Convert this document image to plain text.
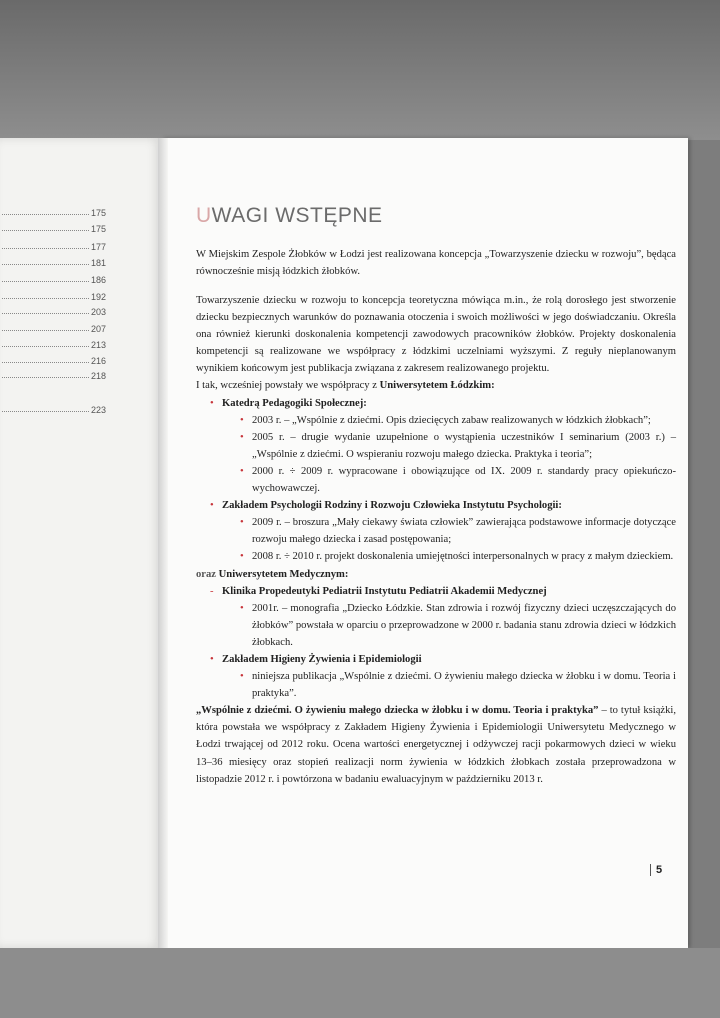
175
175
177
181
186
192
203
207
213
216
218
223
UWAGI WSTĘPNE

W Miejskim Zespole Żłobków w Łodzi jest realizowana koncepcja „Towarzyszenie dziecku w rozwoju”, będąca równocześnie misją łódzkich żłobków.

Towarzyszenie dziecku w rozwoju to koncepcja teoretyczna mówiąca m.in., że rolą dorosłego jest stworzenie dziecku bezpiecznych warunków do poznawania otoczenia i swoich możliwości w jego doświadczaniu. Określa ona również kierunki doskonalenia kompetencji zawodowych pracowników żłobków. Projekty doskonalenia kompetencji są realizowane we współpracy z łódzkimi uczelniami wyższymi. Z reguły nieplanowanym wynikiem końcowym jest publikacja związana z zakresem realizowanego projektu.

I tak, wcześniej powstały we współpracy z Uniwersytetem Łódzkim:

• Katedrą Pedagogiki Społecznej:
• 2003 r. – „Wspólnie z dziećmi. Opis dziecięcych zabaw realizowanych w łódzkich żłobkach”;
• 2005 r. – drugie wydanie uzupełnione o wystąpienia uczestników I seminarium (2003 r.) – „Wspólnie z dziećmi. O wspieraniu rozwoju małego dziecka. Praktyka i teoria”;
• 2000 r. ÷ 2009 r. wypracowane i obowiązujące od IX. 2009 r. standardy pracy opiekuńczo-wychowawczej.
• Zakładem Psychologii Rodziny i Rozwoju Człowieka Instytutu Psychologii:
• 2009 r. – broszura „Mały ciekawy świata człowiek” zawierająca podstawowe informacje dotyczące rozwoju małego dziecka i zasad postępowania;
• 2008 r. ÷ 2010 r. projekt doskonalenia umiejętności interpersonalnych w pracy z małym dzieckiem.

oraz Uniwersytetem Medycznym:

- Klinika Propedeutyki Pediatrii Instytutu Pediatrii Akademii Medycznej
• 2001r. – monografia „Dziecko Łódzkie. Stan zdrowia i rozwój fizyczny dzieci uczęszczających do żłobków” powstała w oparciu o przeprowadzone w 2000 r. badania stanu zdrowia dzieci w łódzkich żłobkach.
• Zakładem Higieny Żywienia i Epidemiologii
• niniejsza publikacja „Wspólnie z dziećmi. O żywieniu małego dziecka w żłobku i w domu. Teoria i praktyka”.

„Wspólnie z dziećmi. O żywieniu małego dziecka w żłobku i w domu. Teoria i praktyka” – to tytuł książki, która powstała we współpracy z Zakładem Higieny Żywienia i Epidemiologii Uniwersytetu Medycznego w Łodzi trwającej od 2012 roku. Ocena wartości energetycznej i odżywczej racji pokarmowych dzieci w wieku 13–36 miesięcy oraz stopień realizacji norm żywienia w łódzkich żłobkach została przeprowadzona w listopadzie 2012 r. i powtórzona w badaniu ewaluacyjnym w październiku 2013 r.

5
